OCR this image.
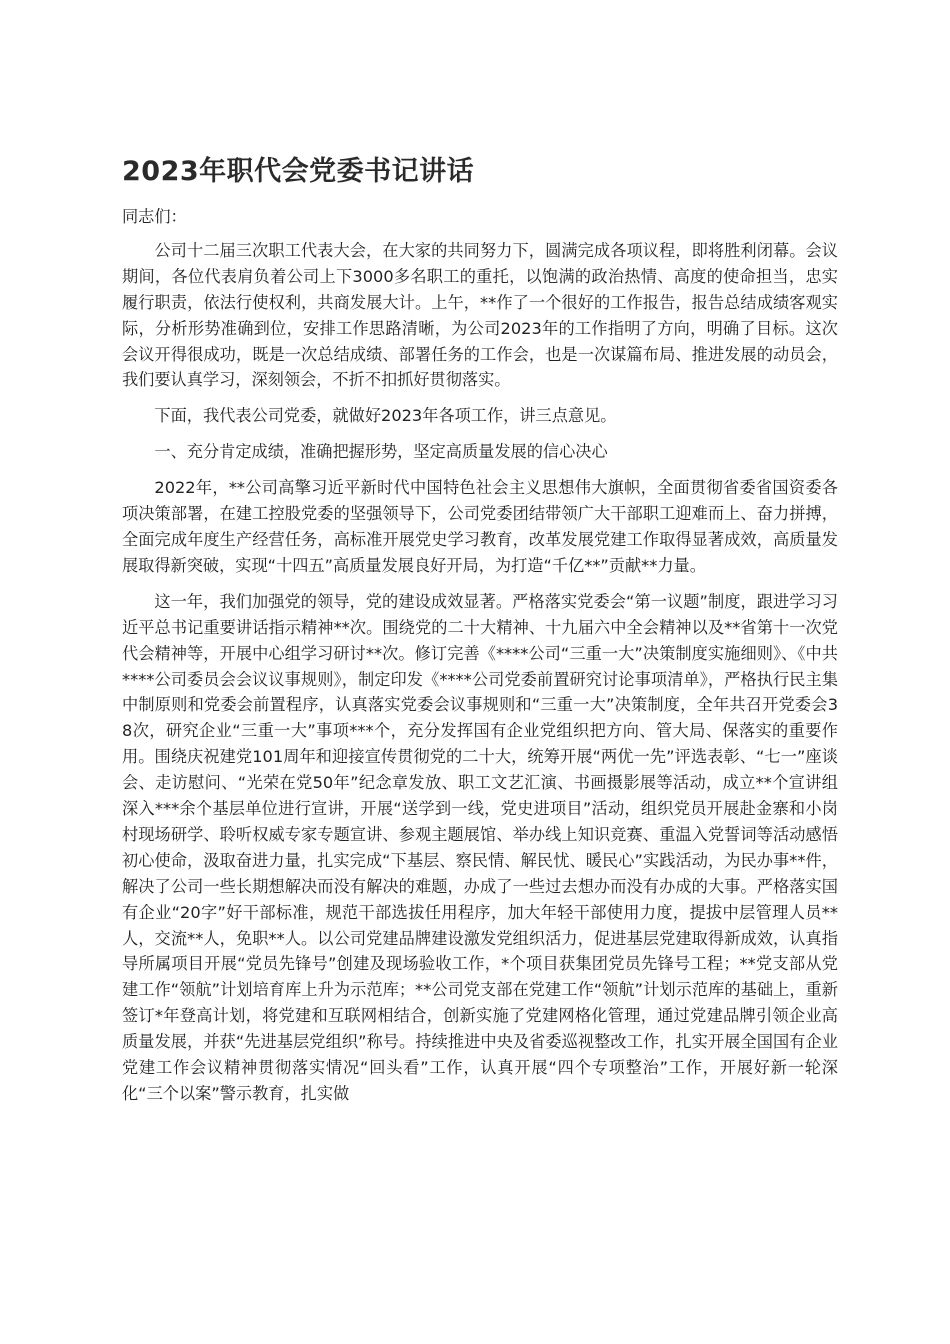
2023年职代会党委书记讲话

同志们：

公司十二届三次职工代表大会，在大家的共同努力下，圆满完成各项议程，即将胜利闭幕。会议期间，各位代表肩负着公司上下3000多名职工的重托，以饱满的政治热情、高度的使命担当，忠实履行职责，依法行使权利，共商发展大计。上午，**作了一个很好的工作报告，报告总结成绩客观实际，分析形势准确到位，安排工作思路清晰，为公司2023年的工作指明了方向，明确了目标。这次会议开得很成功，既是一次总结成绩、部署任务的工作会，也是一次谋篇布局、推进发展的动员会，我们要认真学习，深刻领会，不折不扣抓好贯彻落实。

下面，我代表公司党委，就做好2023年各项工作，讲三点意见。

一、充分肯定成绩，准确把握形势，坚定高质量发展的信心决心

2022年，**公司高擎习近平新时代中国特色社会主义思想伟大旗帜，全面贯彻省委省国资委各项决策部署，在建工控股党委的坚强领导下，公司党委团结带领广大干部职工迎难而上、奋力拼搏，全面完成年度生产经营任务，高标准开展党史学习教育，改革发展党建工作取得显著成效，高质量发展取得新突破，实现“十四五”高质量发展良好开局，为打造“千亿**”贡献**力量。

这一年，我们加强党的领导，党的建设成效显著。严格落实党委会“第一议题”制度，跟进学习习近平总书记重要讲话指示精神**次。围绕党的二十大精神、十九届六中全会精神以及**省第十一次党代会精神等，开展中心组学习研讨**次。修订完善《****公司“三重一大”决策制度实施细则》、《中共****公司委员会会议议事规则》，制定印发《****公司党委前置研究讨论事项清单》，严格执行民主集中制原则和党委会前置程序，认真落实党委会议事规则和“三重一大”决策制度，全年共召开党委会38次，研究企业“三重一大”事项***个，充分发挥国有企业党组织把方向、管大局、保落实的重要作用。围绕庆祝建党101周年和迎接宣传贯彻党的二十大，统筹开展“两优一先”评选表彰、“七一”座谈会、走访慰问、“光荣在党50年”纪念章发放、职工文艺汇演、书画摄影展等活动，成立**个宣讲组深入***余个基层单位进行宣讲，开展“送学到一线，党史进项目”活动，组织党员开展赴金寨和小岗村现场研学、聆听权威专家专题宣讲、参观主题展馆、举办线上知识竞赛、重温入党誓词等活动感悟初心使命，汲取奋进力量，扎实完成“下基层、察民情、解民忧、暖民心”实践活动，为民办事**件，解决了公司一些长期想解决而没有解决的难题，办成了一些过去想办而没有办成的大事。严格落实国有企业“20字”好干部标准，规范干部选拔任用程序，加大年轻干部使用力度，提拔中层管理人员**人，交流**人，免职**人。以公司党建品牌建设激发党组织活力，促进基层党建取得新成效，认真指导所属项目开展“党员先锋号”创建及现场验收工作，*个项目获集团党员先锋号工程；**党支部从党建工作“领航”计划培育库上升为示范库；**公司党支部在党建工作“领航”计划示范库的基础上，重新签订*年登高计划，将党建和互联网相结合，创新实施了党建网格化管理，通过党建品牌引领企业高质量发展，并获“先进基层党组织”称号。持续推进中央及省委巡视整改工作，扎实开展全国国有企业党建工作会议精神贯彻落实情况“回头看”工作，认真开展“四个专项整治”工作，开展好新一轮深化“三个以案”警示教育，扎实做
